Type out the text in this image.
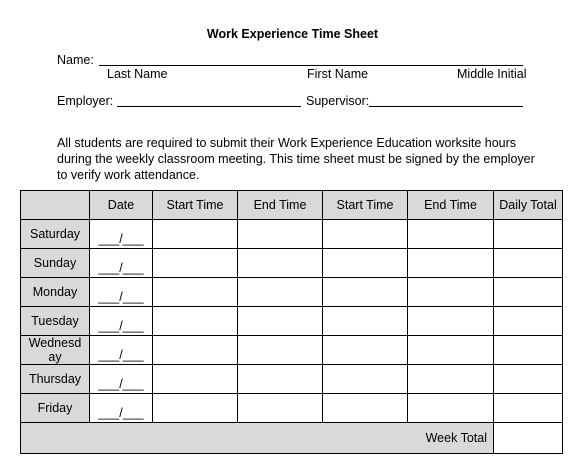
Work Experience Time Sheet
Name:
Last Name	First Name	Middle Initial
Employer:	Supervisor:
All students are required to submit their Work Experience Education worksite hours
during the weekly classroom meeting. This time sheet must be signed by the employer
to verify work attendance.
	Date	Start Time	End Time	Start Time	End Time	Daily Total
Saturday	___/___					
Sunday	___/___					
Monday	___/___					
Tuesday	___/___					
Wednesday	___/___					
Thursday	___/___					
Friday	___/___					
Week Total						
